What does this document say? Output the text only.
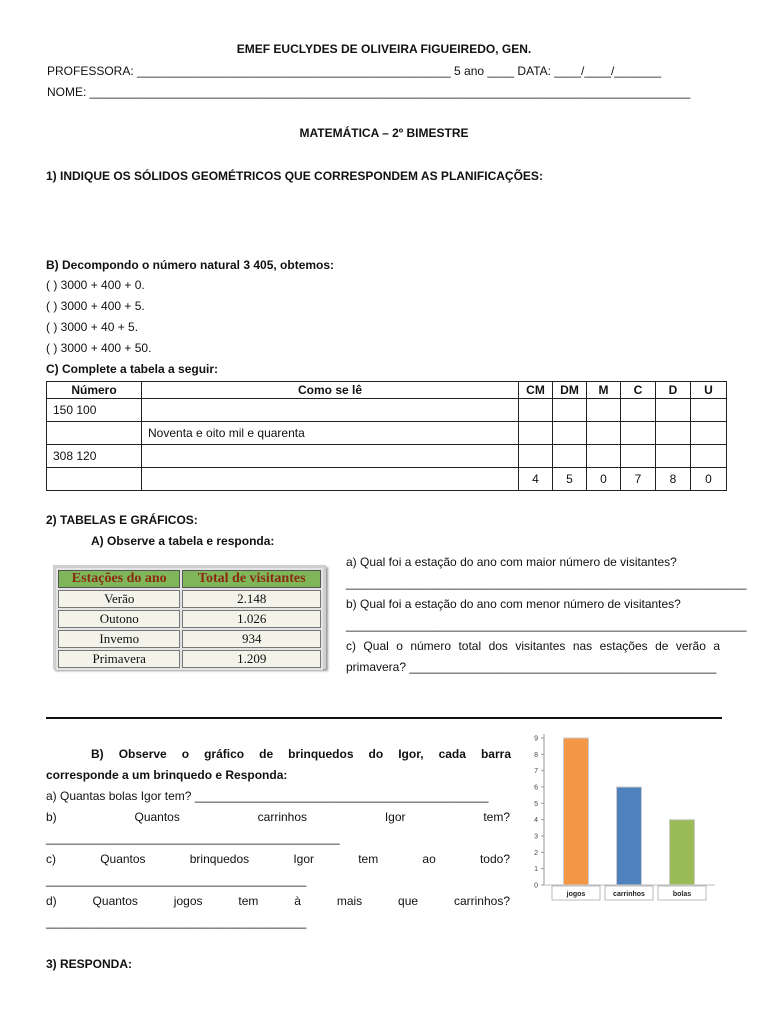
EMEF EUCLYDES DE OLIVEIRA FIGUEIREDO, GEN.
PROFESSORA: _______________________________________________ 5 ano ____ DATA: ____/____/_______
NOME: __________________________________________________________________________________________
MATEMÁTICA – 2º BIMESTRE
1) INDIQUE OS SÓLIDOS GEOMÉTRICOS QUE CORRESPONDEM AS PLANIFICAÇÕES:
B) Decompondo o número natural 3 405, obtemos:
( ) 3000 + 400 + 0.
( ) 3000 + 400 + 5.
( ) 3000 + 40 + 5.
( ) 3000 + 400 + 50.
C) Complete a tabela a seguir:
Número	Como se lê	CM	DM	M	C	D	U
150 100							
	Noventa e oito mil e quarenta						
308 120							
		4	5	0	7	8	0
2) TABELAS E GRÁFICOS:
A) Observe a tabela e responda:
Estações do ano	Total de visitantes
Verão	2.148
Outono	1.026
Invemo	934
Primavera	1.209
a) Qual foi a estação do ano com maior número de visitantes?
____________________________________________________________
b) Qual foi a estação do ano com menor número de visitantes?
____________________________________________________________
c) Qual o número total dos visitantes nas estações de verão a
primavera? ______________________________________________
B) Observe o gráfico de brinquedos do Igor, cada barra
corresponde a um brinquedo e Responda:
a) Quantas bolas Igor tem? ____________________________________________
b) Quantos carrinhos Igor tem?
____________________________________________
c) Quantos brinquedos Igor tem ao todo?
_______________________________________
d) Quantos jogos tem à mais que carrinhos?
_______________________________________
0
1
2
3
4
5
6
7
8
9
jogos	carrinhos	bolas
3) RESPONDA:
